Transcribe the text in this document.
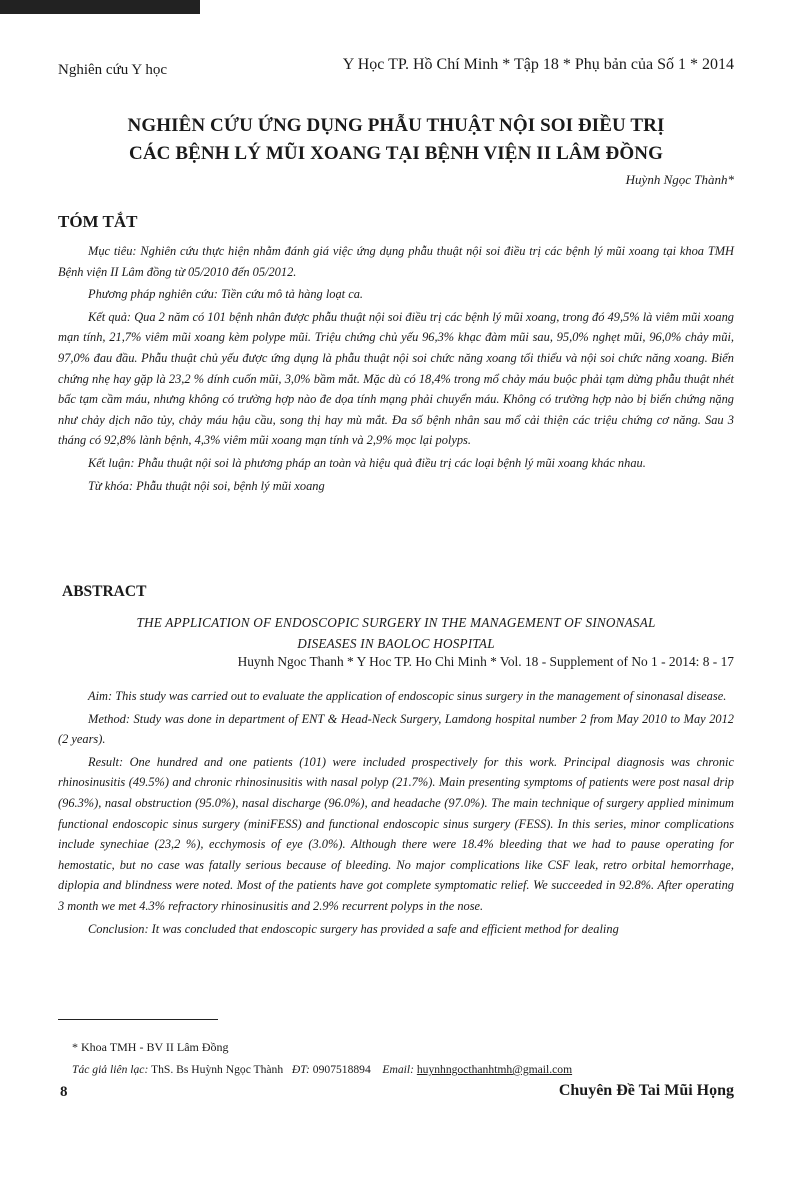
Nghiên cứu Y học	Y Học TP. Hồ Chí Minh * Tập 18 * Phụ bản của Số 1 * 2014
NGHIÊN CỨU ỨNG DỤNG PHẪU THUẬT NỘI SOI ĐIỀU TRỊ
CÁC BỆNH LÝ MŨI XOANG TẠI BỆNH VIỆN II LÂM ĐỒNG
Huỳnh Ngọc Thành*
TÓM TẮT

Mục tiêu: Nghiên cứu thực hiện nhằm đánh giá việc ứng dụng phẫu thuật nội soi điều trị các bệnh lý mũi xoang tại khoa TMH Bệnh viện II Lâm đồng từ 05/2010 đến 05/2012.

Phương pháp nghiên cứu: Tiền cứu mô tả hàng loạt ca.

Kết quả: Qua 2 năm có 101 bệnh nhân được phẫu thuật nội soi điều trị các bệnh lý mũi xoang, trong đó 49,5% là viêm mũi xoang mạn tính, 21,7% viêm mũi xoang kèm polype mũi. Triệu chứng chủ yếu 96,3% khạc đàm mũi sau, 95,0% nghẹt mũi, 96,0% chảy mũi, 97,0% đau đầu. Phẫu thuật chủ yếu được ứng dụng là phẫu thuật nội soi chức năng xoang tối thiểu và nội soi chức năng xoang. Biến chứng nhẹ hay gặp là 23,2 % dính cuốn mũi, 3,0% bầm mắt. Mặc dù có 18,4% trong mổ chảy máu buộc phải tạm dừng phẫu thuật nhét bấc tạm cầm máu, nhưng không có trường hợp nào đe dọa tính mạng phải chuyển máu. Không có trường hợp nào bị biến chứng nặng như chảy dịch não tủy, chảy máu hậu cầu, song thị hay mù mắt. Đa số bệnh nhân sau mổ cải thiện các triệu chứng cơ năng. Sau 3 tháng có 92,8% lành bệnh, 4,3% viêm mũi xoang mạn tính và 2,9% mọc lại polyps.

Kết luận: Phẫu thuật nội soi là phương pháp an toàn và hiệu quả điều trị các loại bệnh lý mũi xoang khác nhau.

Từ khóa: Phẫu thuật nội soi, bệnh lý mũi xoang

ABSTRACT
THE APPLICATION OF ENDOSCOPIC SURGERY IN THE MANAGEMENT OF SINONASAL
DISEASES IN BAOLOC HOSPITAL
Huynh Ngoc Thanh * Y Hoc TP. Ho Chi Minh * Vol. 18 - Supplement of No 1 - 2014: 8 - 17

Aim: This study was carried out to evaluate the application of endoscopic sinus surgery in the management of sinonasal disease.

Method: Study was done in department of ENT & Head-Neck Surgery, Lamdong hospital number 2 from May 2010 to May 2012 (2 years).

Result: One hundred and one patients (101) were included prospectively for this work. Principal diagnosis was chronic rhinosinusitis (49.5%) and chronic rhinosinusitis with nasal polyp (21.7%). Main presenting symptoms of patients were post nasal drip (96.3%), nasal obstruction (95.0%), nasal discharge (96.0%), and headache (97.0%). The main technique of surgery applied minimum functional endoscopic sinus surgery (miniFESS) and functional endoscopic sinus surgery (FESS). In this series, minor complications include synechiae (23,2 %), ecchymosis of eye (3.0%). Although there were 18.4% bleeding that we had to pause operating for hemostatic, but no case was fatally serious because of bleeding. No major complications like CSF leak, retro orbital hemorrhage, diplopia and blindness were noted. Most of the patients have got complete symptomatic relief. We succeeded in 92.8%. After operating 3 month we met 4.3% refractory rhinosinusitis and 2.9% recurrent polyps in the nose.

Conclusion: It was concluded that endoscopic surgery has provided a safe and efficient method for dealing

* Khoa TMH - BV II Lâm Đồng
Tác giả liên lạc: ThS. Bs Huỳnh Ngọc Thành ĐT: 0907518894 Email: huynhngocthanhtmh@gmail.com
8	Chuyên Đề Tai Mũi Họng
